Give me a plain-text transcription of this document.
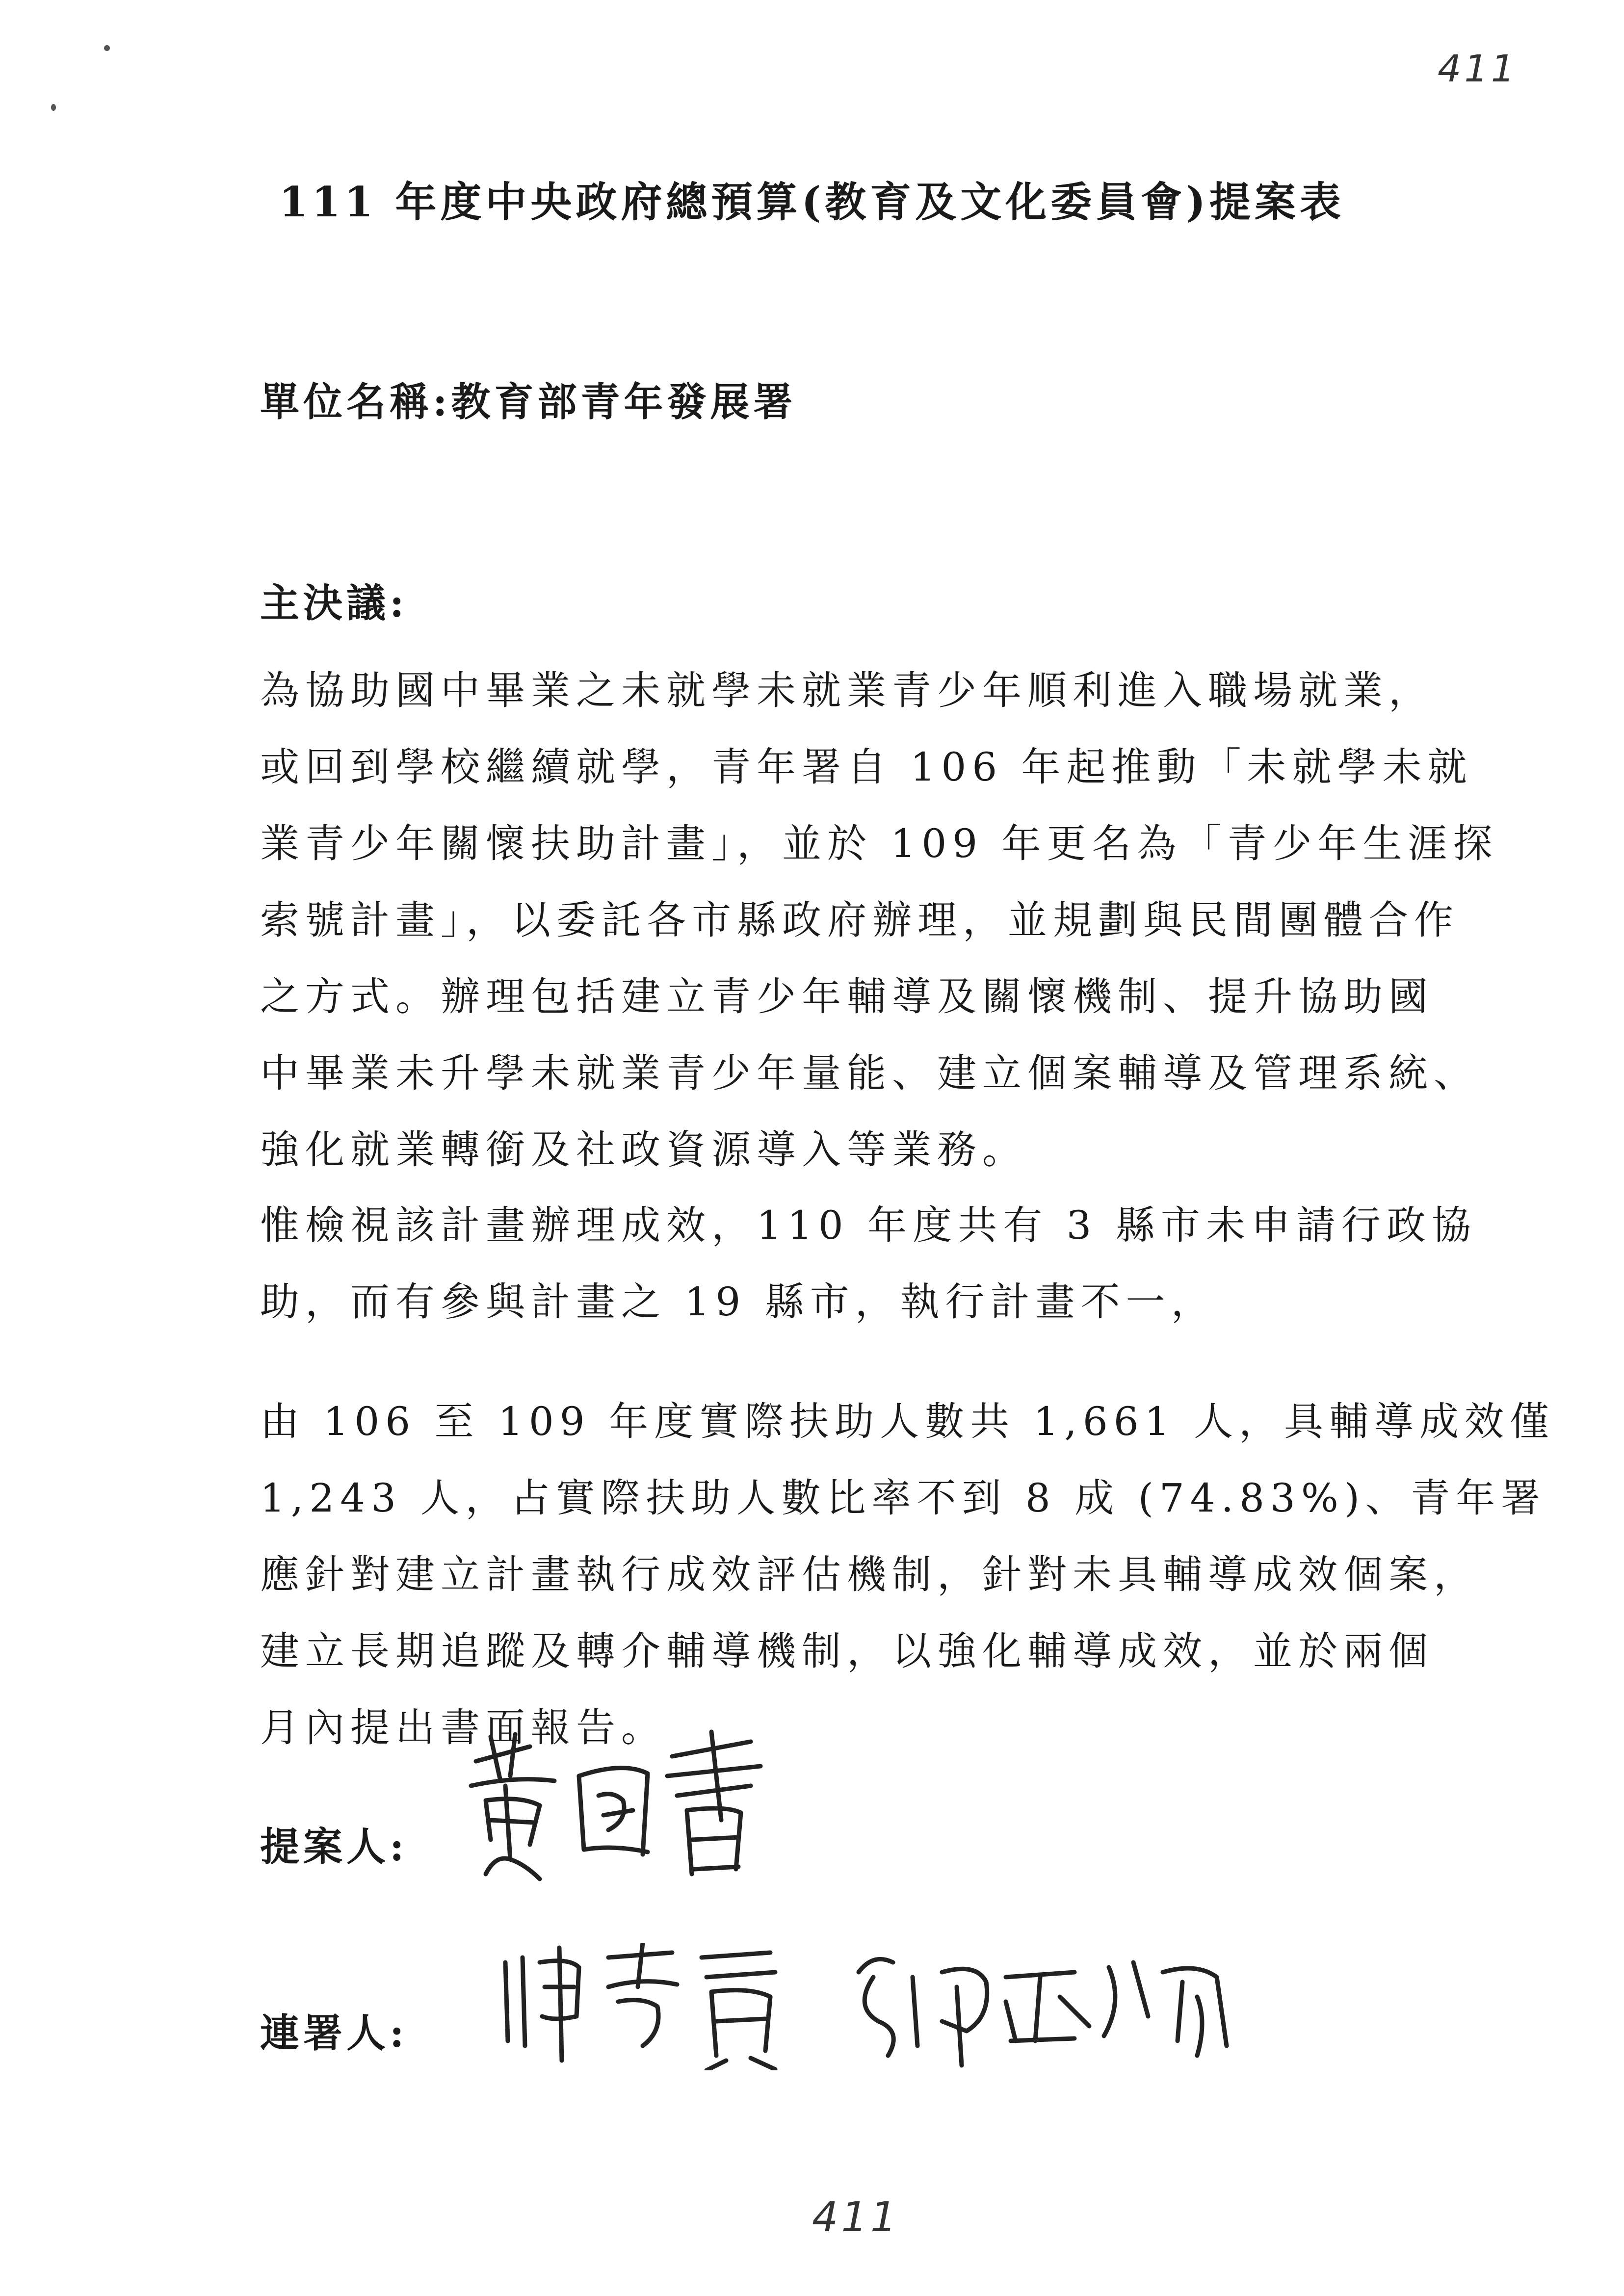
411
111 年度中央政府總預算(教育及文化委員會)提案表
單位名稱:教育部青年發展署
主決議:

為協助國中畢業之未就學未就業青少年順利進入職場就業，
或回到學校繼續就學，青年署自 106 年起推動「未就學未就
業青少年關懷扶助計畫」，並於 109 年更名為「青少年生涯探
索號計畫」，以委託各市縣政府辦理，並規劃與民間團體合作
之方式。辦理包括建立青少年輔導及關懷機制、提升協助國
中畢業未升學未就業青少年量能、建立個案輔導及管理系統、
強化就業轉銜及社政資源導入等業務。

惟檢視該計畫辦理成效，110 年度共有 3 縣市未申請行政協
助，而有參與計畫之 19 縣市，執行計畫不一，

由 106 至 109 年度實際扶助人數共 1,661 人，具輔導成效僅
1,243 人，占實際扶助人數比率不到 8 成 (74.83%)、青年署
應針對建立計畫執行成效評估機制，針對未具輔導成效個案，
建立長期追蹤及轉介輔導機制，以強化輔導成效，並於兩個
月內提出書面報告。

提案人:
連署人:
411
